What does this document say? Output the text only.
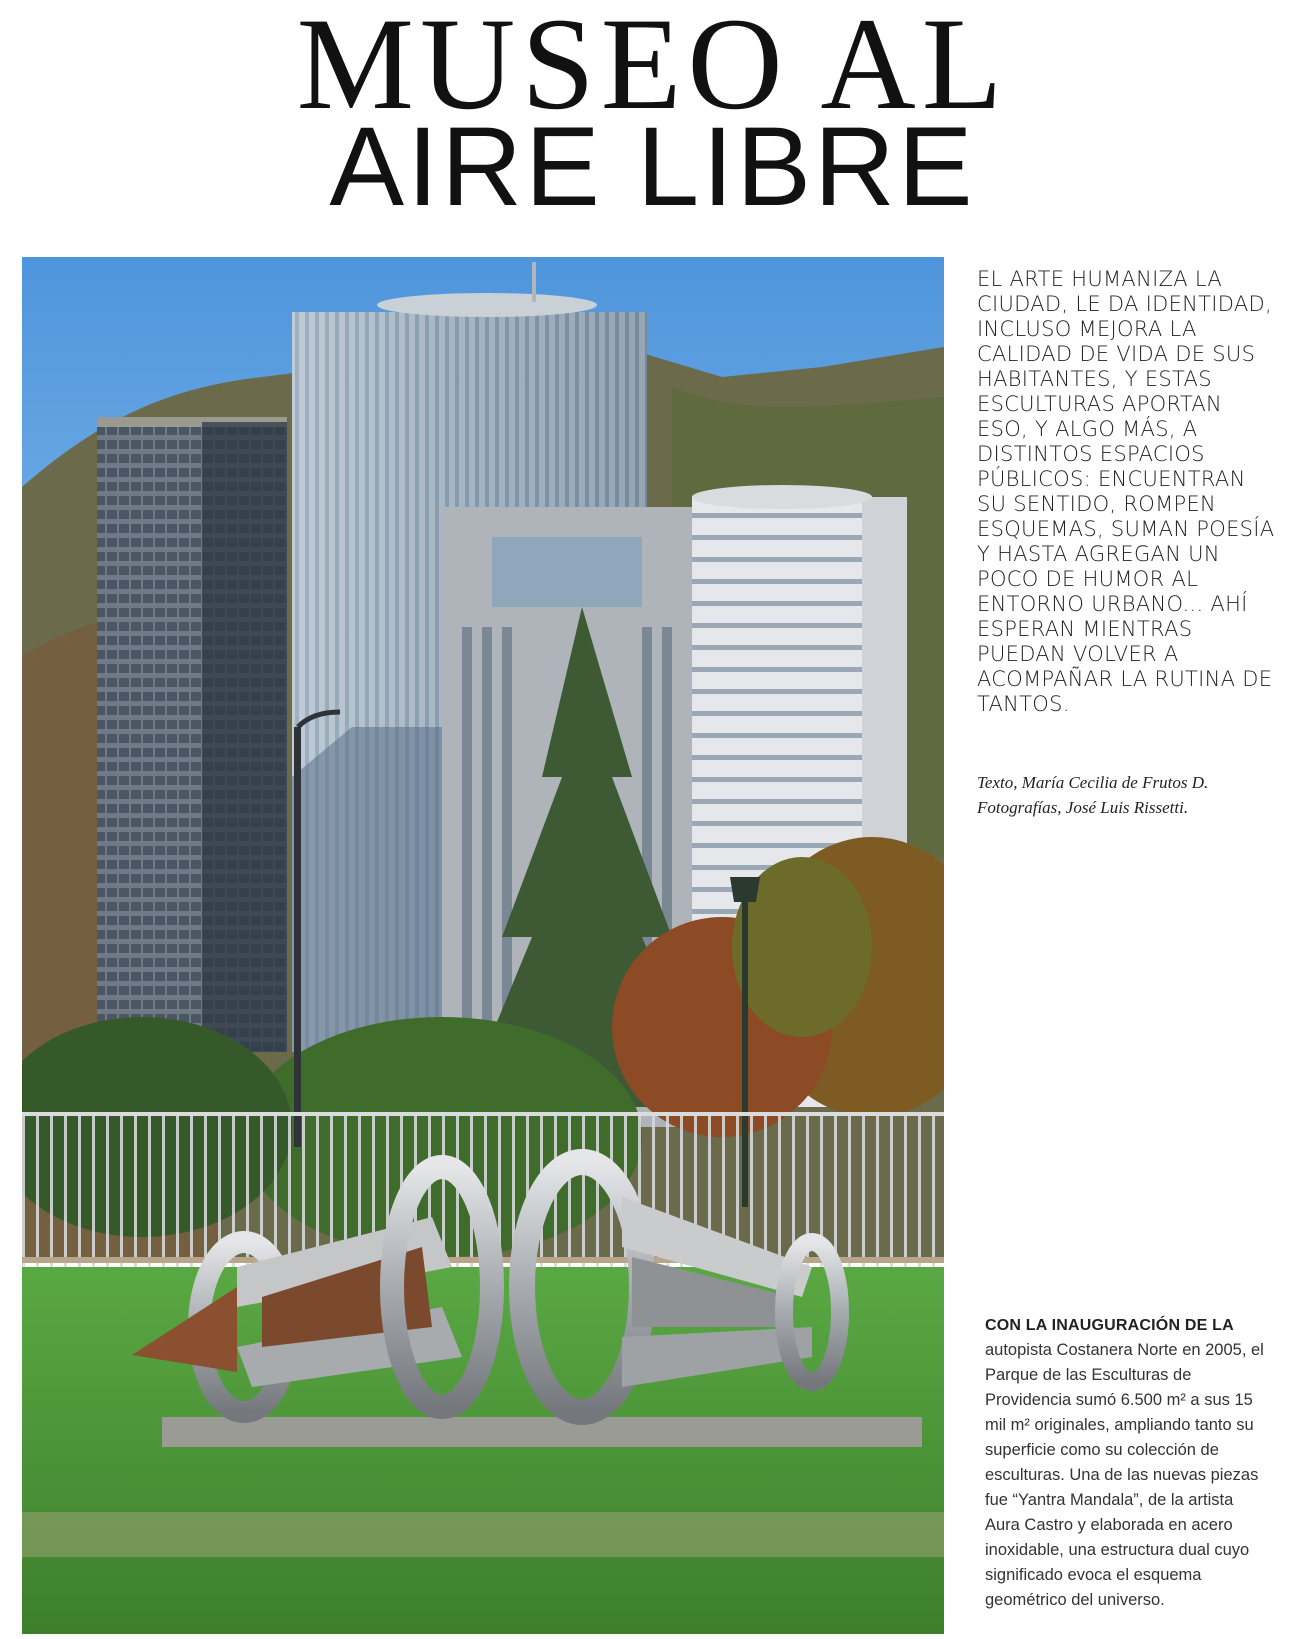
MUSEO AL
AIRE LIBRE
EL ARTE HUMANIZA LA CIUDAD, LE DA IDENTIDAD, INCLUSO MEJORA LA CALIDAD DE VIDA DE SUS HABITANTES, Y ESTAS ESCULTURAS APORTAN ESO, Y ALGO MÁS, A DISTINTOS ESPACIOS PÚBLICOS: ENCUENTRAN SU SENTIDO, ROMPEN ESQUEMAS, SUMAN POESÍA Y HASTA AGREGAN UN POCO DE HUMOR AL ENTORNO URBANO... AHÍ ESPERAN MIENTRAS PUEDAN VOLVER A ACOMPAÑAR LA RUTINA DE TANTOS.
Texto, María Cecilia de Frutos D.
Fotografías, José Luis Rissetti.
CON LA INAUGURACIÓN DE LA autopista Costanera Norte en 2005, el Parque de las Esculturas de Providencia sumó 6.500 m² a sus 15 mil m² originales, ampliando tanto su superficie como su colección de esculturas. Una de las nuevas piezas fue “Yantra Mandala”, de la artista Aura Castro y elaborada en acero inoxidable, una estructura dual cuyo significado evoca el esquema geométrico del universo.
